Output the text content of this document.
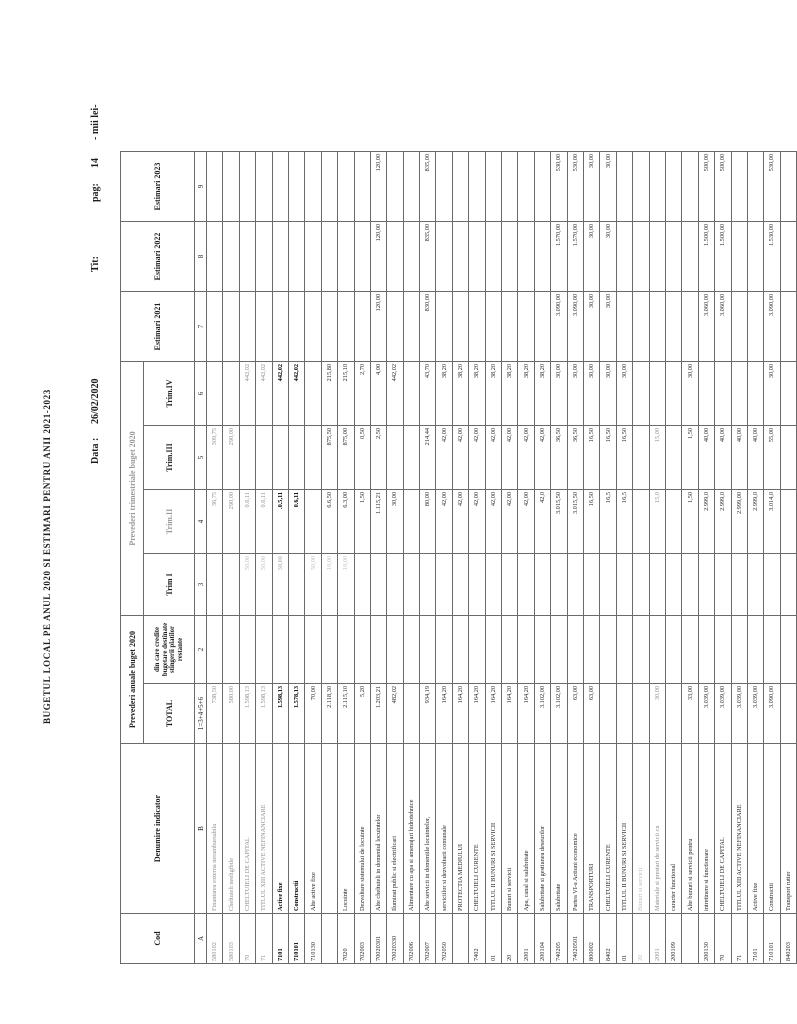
BUGETUL LOCAL PE ANUL 2020 SI ESTIMARI PENTRU ANII 2021-2023	Data :
26/02/2020
Tit:
pag:
14
- mii lei-
Cod	Denumire indicator	Prevederi anuale buget 2020		Prevederi trimestriale buget 2020				Estimari 2021	Estimari 2022	Estimari 2023
		TOTAL	din care credite bugetare destinate stingerii platilor restante	Trim I	Trim.II	Trim.III	Trim.IV			
A	B	1=3+4+5+6	2	3	4	5	6	7	8	9
580102	Finantarea externa nerambursabila	738,50			36,75	309,75				
580103	Cheltuieli neeligibile	580,00			290,00	290,00				
70	CHELTUIELI DE CAPITAL	1.598,13		50,00	0.6,11		442,02			
71	TITLUL XIII ACTIVE NEFINANCIARE	1.598,13		50,00	0.6,11		442,02			
7101	Active fixe	1.598,13		50,00	.0.5,11		442,02			
710101	Constructii	1.578,13			0.6,11		442,02			
710130	Alte active fixe	70,00		50,00						
		2.118,30		10,00	6.6,50	875,50	215,80			
7020	Locuinte	2.115,10		10,00	6.3,00	875,00	215,10			
702003	Dezvoltare sistemului de locuinte	5,20			1,50	0,50	2,70			
70020301	Alte cheltuieli in domeniul locuintelor	1.203,21			1.115,21	2,50	4,00	120,00	120,00	120,00
70020330	Iluminat public si electrificari	482,02			30,00		442,02			
702006	Alimentare cu apa si amenajari hidrotehnice									
702007	Alte servicii in domeniile locuintelor,	934,19			80,00	214,44	43,70	830,00	835,00	835,00
702050	serviciilor si dezvoltarii comunale	164,20			42,00	42,00	38,20			
	PROTECTIA MEDIULUI	164,20			42,00	42,00	38,20			
7402	CHELTUIELI CURENTE	164,20			42,00	42,00	38,20			
01	TITLUL II BUNURI SI SERVICII	164,20			42,00	42,00	38,20			
20	Bunuri si servicii	164,20			42,00	42,00	38,20			
2001	Apa, canal si salubritate	164,20			42,00	42,00	38,20			
200104	Salubritate si gestiunea deseurilor	3.102,00			42,0	42,00	38,20			
740205	Salubritate	3.102,00			3.015,50	36,50	30,00	3.090,00	1.570,00	530,00
74020501	Partea VI-a Actiuni economice	63,00			3.015,50	36,50	30,00	3.090,00	1.570,00	530,00
800002	TRANSPORTURI	63,00			16,50	16,50	30,00	30,00	30,00	30,00
8402	CHELTUIELI CURENTE				16,5	16,50	30,00	30,00	30,00	30,00
01	TITLUL II BUNURI SI SERVICII				16,5	16,50	30,00			
20	Bunuri si servicii									
2001	Materiale si prestari de servicii cu	30,00			15,0	15,00				
200109	caracter functional									
	Alte bunuri si servicii pentru	33,00			1,50	1,50	30,00			
200130	intretinere si functionare	3.039,00			2.999,0	40,00		3.060,00	1.500,00	500,00
70	CHELTUIELI DE CAPITAL	3.039,00			2.999,0	40,00		3.060,00	1.500,00	500,00
71	TITLUL XIII ACTIVE NEFINANCIARE	3.039,00			2.999,00	40,00				
7101	Active fixe	3.039,00			2.999,0	40,00				
710101	Constructii	3.090,00			3.014,0	55,00	30,00	3.090,00	1.530,00	530,00
840203	Transport rutier									
